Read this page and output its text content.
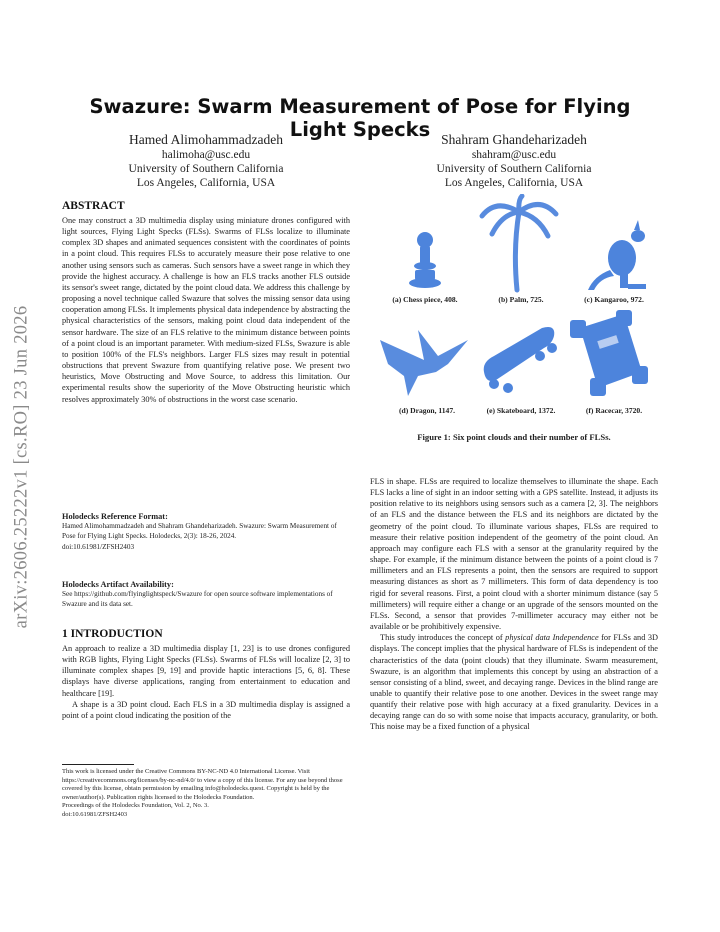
arXiv:2606.25222v1 [cs.RO] 23 Jun 2026
Swazure: Swarm Measurement of Pose for Flying Light Specks
Hamed Alimohammadzadeh
halimoha@usc.edu
University of Southern California
Los Angeles, California, USA
Shahram Ghandeharizadeh
shahram@usc.edu
University of Southern California
Los Angeles, California, USA
ABSTRACT
One may construct a 3D multimedia display using miniature drones configured with light sources, Flying Light Specks (FLSs). Swarms of FLSs localize to illuminate complex 3D shapes and animated sequences consistent with the coordinates of points in a point cloud. This requires FLSs to accurately measure their pose relative to one another using sensors such as cameras. Such sensors have a sweet range in which they provide the highest accuracy. A challenge is how an FLS tracks another FLS outside its sensor's sweet range, dictated by the point cloud data. We address this challenge by proposing a novel technique called Swazure that solves the missing sensor data using cooperation among FLSs. It implements physical data independence by abstracting the physical characteristics of the sensors, making point cloud data independent of the sensor hardware. The size of an FLS relative to the minimum distance between points of a point cloud is an important parameter. With medium-sized FLSs, Swazure is able to position 100% of the FLS's neighbors. Larger FLS sizes may result in potential obstructions that prevent Swazure from quantifying relative pose. We present two heuristics, Move Obstructing and Move Source, to address this limitation. Our experimental results show the superiority of the Move Obstructing heuristic which resolves approximately 30% of obstructions in the worst case scenario.

Holodecks Reference Format:

Hamed Alimohammadzadeh and Shahram Ghandeharizadeh. Swazure: Swarm Measurement of Pose for Flying Light Specks. Holodecks, 2(3): 18-26, 2024.
doi:10.61981/ZFSH2403

Holodecks Artifact Availability:

See https://github.com/flyinglightspeck/Swazure for open source software implementations of Swazure and its data set.
1 INTRODUCTION

An approach to realize a 3D multimedia display [1, 23] is to use drones configured with RGB lights, Flying Light Specks (FLSs). Swarms of FLSs will localize [2, 3] to illuminate complex shapes [9, 19] and provide haptic interactions [5, 6, 8]. These displays have diverse applications, ranging from entertainment to education and healthcare [19].

A shape is a 3D point cloud. Each FLS in a 3D multimedia display is assigned a point of a point cloud indicating the position of the

This work is licensed under the Creative Commons BY-NC-ND 4.0 International License. Visit https://creativecommons.org/licenses/by-nc-nd/4.0/ to view a copy of this license. For any use beyond those covered by this license, obtain permission by emailing info@holodecks.quest. Copyright is held by the owner/author(s). Publication rights licensed to the Holodecks Foundation.
Proceedings of the Holodecks Foundation, Vol. 2, No. 3.
doi:10.61981/ZFSH2403
(a) Chess piece, 408.	(b) Palm, 725.	(c) Kangaroo, 972.
(d) Dragon, 1147.	(e) Skateboard, 1372.	(f) Racecar, 3720.
Figure 1: Six point clouds and their number of FLSs.

FLS in shape. FLSs are required to localize themselves to illuminate the shape. Each FLS lacks a line of sight in an indoor setting with a GPS satellite. Instead, it adjusts its position relative to its neighbors using sensors such as a camera [2, 3]. The neighbors of an FLS and the distance between the FLS and its neighbors are dictated by the geometry of the point cloud. To illuminate various shapes, FLSs are required to measure their relative position independent of the geometry of the point cloud. An approach may configure each FLS with a sensor at the granularity required by the shape. For example, if the minimum distance between the points of a point cloud is 7 millimeters and an FLS represents a point, then the sensors are required to support measuring distances as short as 7 millimeters. This form of data dependency is too rigid for several reasons. First, a point cloud with a shorter minimum distance (say 5 millimeters) will require either a change or an upgrade of the sensors mounted on the FLSs. Second, a sensor that provides 7-millimeter accuracy may either not be available or be prohibitively expensive.

This study introduces the concept of physical data Independence for FLSs and 3D displays. The concept implies that the physical hardware of FLSs is independent of the characteristics of the data (point clouds) that they illuminate. Swarm measurement, Swazure, is an algorithm that implements this concept by using an abstraction of a sensor consisting of a blind, sweet, and decaying range. Devices in the blind range are unable to quantify their relative pose to one another. Devices in the sweet range may quantify their relative pose with high accuracy at a fixed granularity. Devices in a decaying range can do so with some noise that impacts accuracy, granularity, or both. This noise may be a fixed function of a physical
